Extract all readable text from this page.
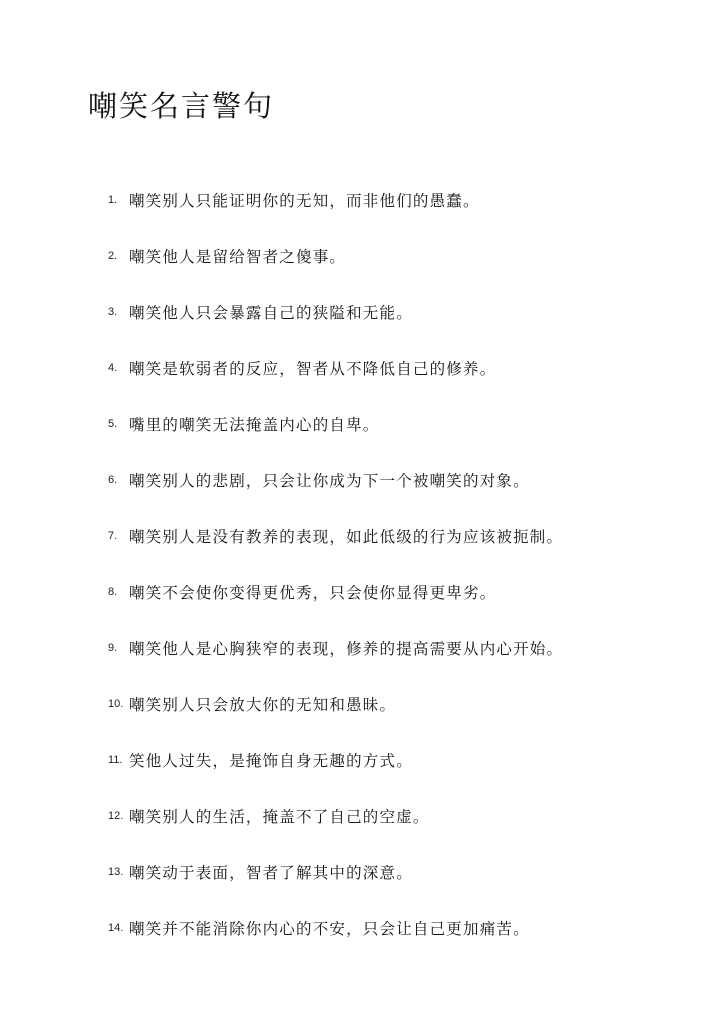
嘲笑名言警句
1. 嘲笑别人只能证明你的无知，而非他们的愚蠢。
2. 嘲笑他人是留给智者之傻事。
3. 嘲笑他人只会暴露自己的狭隘和无能。
4. 嘲笑是软弱者的反应，智者从不降低自己的修养。
5. 嘴里的嘲笑无法掩盖内心的自卑。
6. 嘲笑别人的悲剧，只会让你成为下一个被嘲笑的对象。
7. 嘲笑别人是没有教养的表现，如此低级的行为应该被扼制。
8. 嘲笑不会使你变得更优秀，只会使你显得更卑劣。
9. 嘲笑他人是心胸狭窄的表现，修养的提高需要从内心开始。
10. 嘲笑别人只会放大你的无知和愚昧。
11. 笑他人过失，是掩饰自身无趣的方式。
12. 嘲笑别人的生活，掩盖不了自己的空虚。
13. 嘲笑动于表面，智者了解其中的深意。
14. 嘲笑并不能消除你内心的不安，只会让自己更加痛苦。
